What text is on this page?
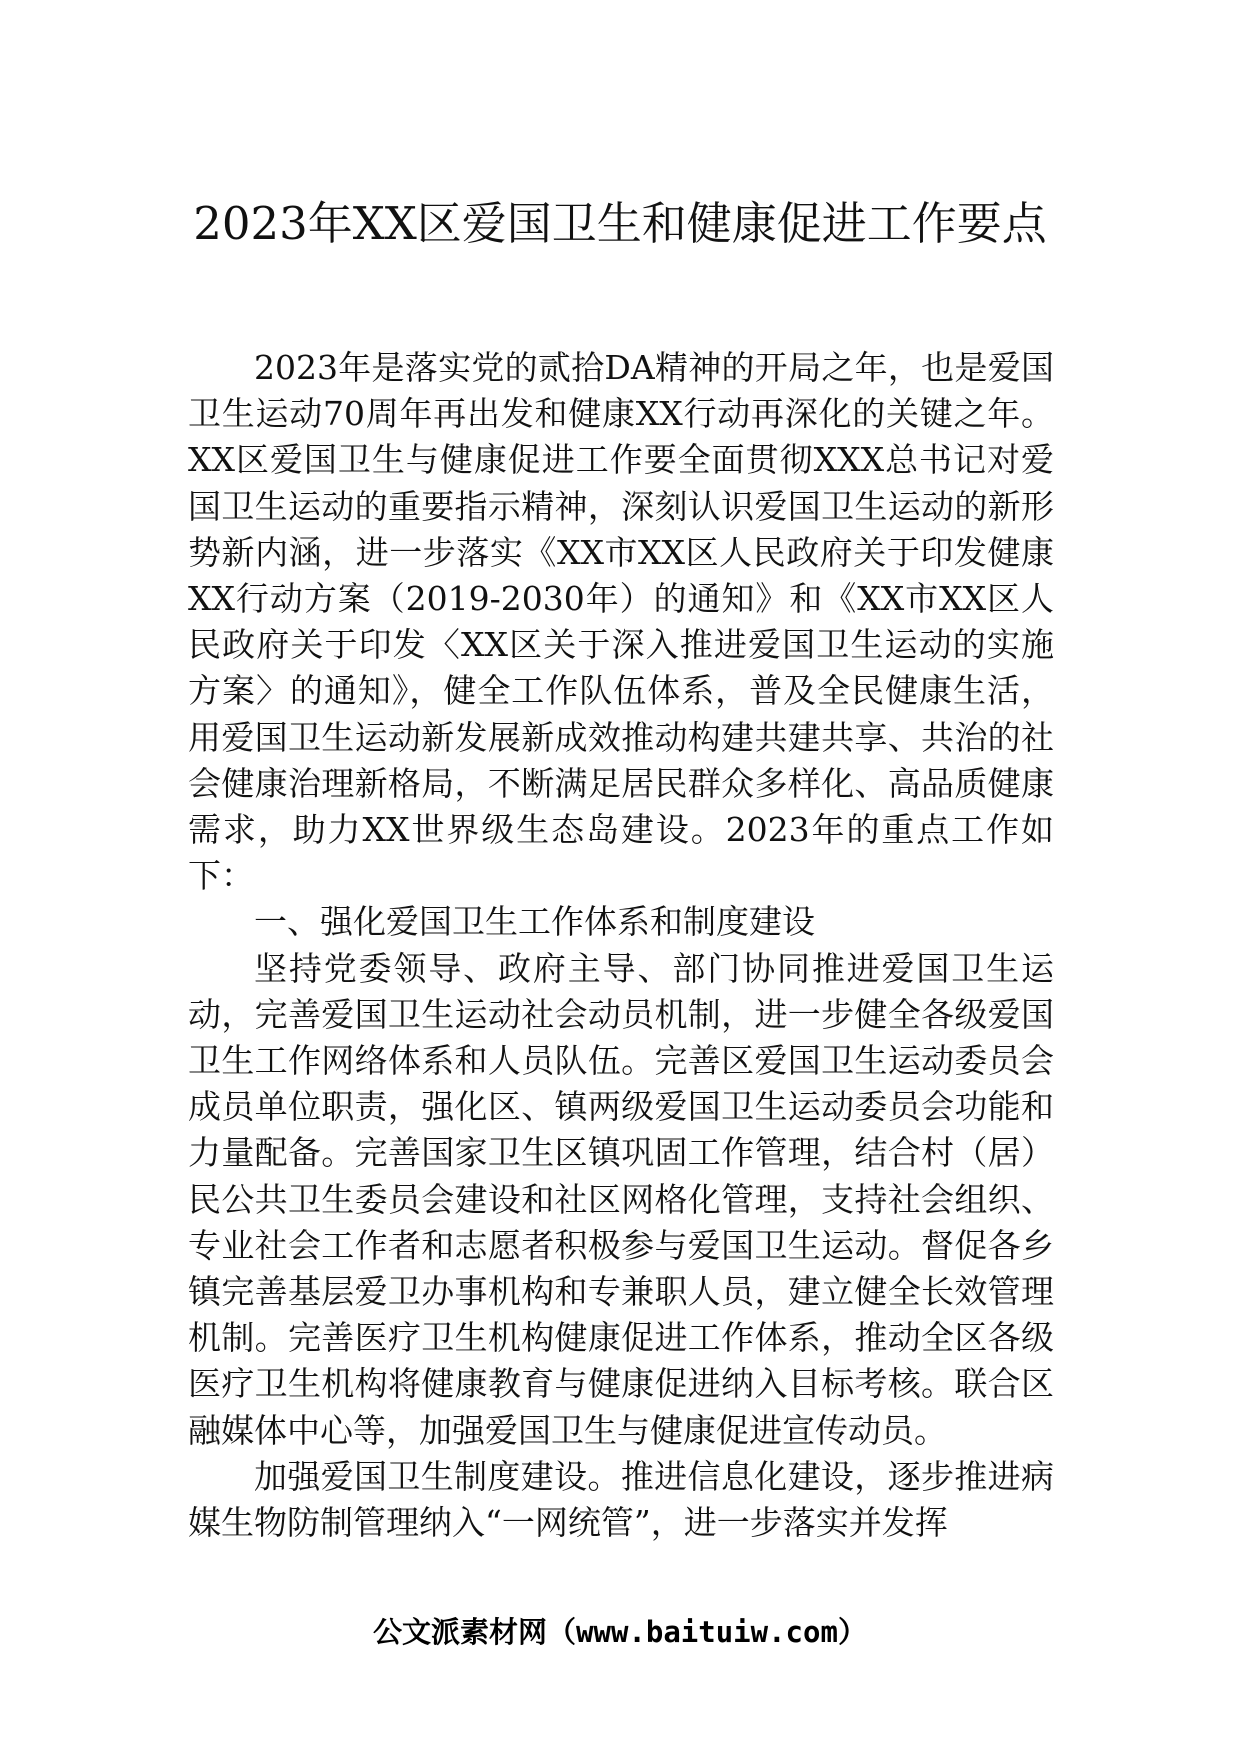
2023年XX区爱国卫生和健康促进工作要点

2023年是落实党的贰拾DA精神的开局之年，也是爱国卫生运动70周年再出发和健康XX行动再深化的关键之年。XX区爱国卫生与健康促进工作要全面贯彻XXX总书记对爱国卫生运动的重要指示精神，深刻认识爱国卫生运动的新形势新内涵，进一步落实《XX市XX区人民政府关于印发健康XX行动方案（2019-2030年）的通知》和《XX市XX区人民政府关于印发〈XX区关于深入推进爱国卫生运动的实施方案〉的通知》，健全工作队伍体系，普及全民健康生活，用爱国卫生运动新发展新成效推动构建共建共享、共治的社会健康治理新格局，不断满足居民群众多样化、高品质健康需求，助力XX世界级生态岛建设。2023年的重点工作如下：

一、强化爱国卫生工作体系和制度建设

坚持党委领导、政府主导、部门协同推进爱国卫生运动，完善爱国卫生运动社会动员机制，进一步健全各级爱国卫生工作网络体系和人员队伍。完善区爱国卫生运动委员会成员单位职责，强化区、镇两级爱国卫生运动委员会功能和力量配备。完善国家卫生区镇巩固工作管理，结合村（居）民公共卫生委员会建设和社区网格化管理，支持社会组织、专业社会工作者和志愿者积极参与爱国卫生运动。督促各乡镇完善基层爱卫办事机构和专兼职人员，建立健全长效管理机制。完善医疗卫生机构健康促进工作体系，推动全区各级医疗卫生机构将健康教育与健康促进纳入目标考核。联合区融媒体中心等，加强爱国卫生与健康促进宣传动员。

加强爱国卫生制度建设。推进信息化建设，逐步推进病媒生物防制管理纳入“一网统管”，进一步落实并发挥

公文派素材网（www.baituiw.com）
